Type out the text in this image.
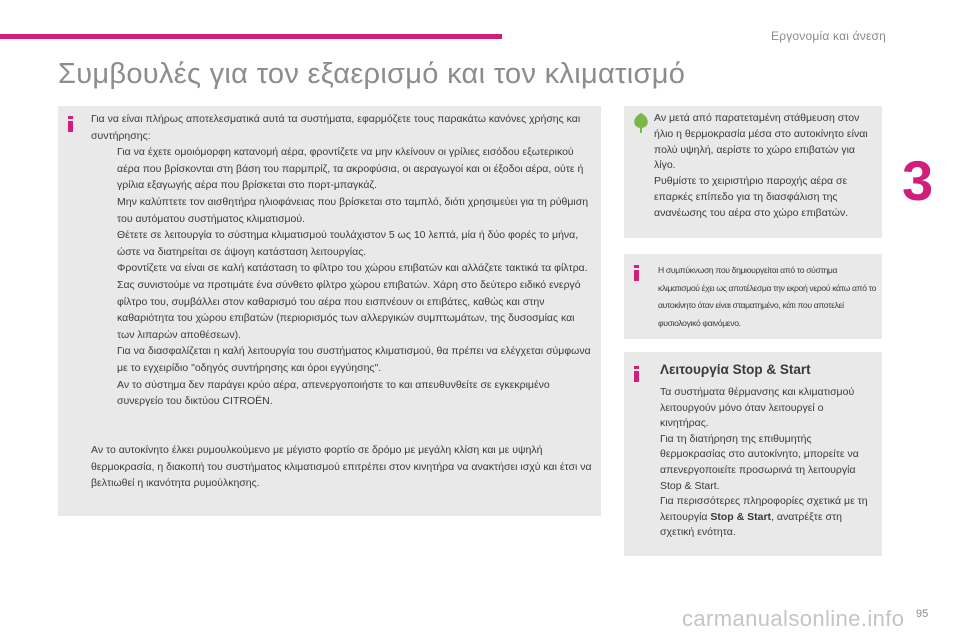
Εργονομία και άνεση
3
Συμβουλές για τον εξαερισμό και τον κλιματισμό
Για να είναι πλήρως αποτελεσματικά αυτά τα συστήματα, εφαρμόζετε τους παρακάτω κανόνες χρήσης και συντήρησης:
Για να έχετε ομοιόμορφη κατανομή αέρα, φροντίζετε να μην κλείνουν οι γρίλιες εισόδου εξωτερικού αέρα που βρίσκονται στη βάση του παρμπρίζ, τα ακροφύσια, οι αεραγωγοί και οι έξοδοι αέρα, ούτε ή γρίλια εξαγωγής αέρα που βρίσκεται στο πορτ-μπαγκάζ.
Μην καλύπτετε τον αισθητήρα ηλιοφάνειας που βρίσκεται στο ταμπλό, διότι χρησιμεύει για τη ρύθμιση του αυτόματου συστήματος κλιματισμού.
Θέτετε σε λειτουργία το σύστημα κλιματισμού τουλάχιστον 5 ως 10 λεπτά, μία ή δύο φορές το μήνα, ώστε να διατηρείται σε άψογη κατάσταση λειτουργίας.
Φροντίζετε να είναι σε καλή κατάσταση το φίλτρο του χώρου επιβατών και αλλάζετε τακτικά τα φίλτρα.
Σας συνιστούμε να προτιμάτε ένα σύνθετο φίλτρο χώρου επιβατών. Χάρη στο δεύτερο ειδικό ενεργό φίλτρο του, συμβάλλει στον καθαρισμό του αέρα που εισπνέουν οι επιβάτες, καθώς και στην καθαριότητα του χώρου επιβατών (περιορισμός των αλλεργικών συμπτωμάτων, της δυσοσμίας και των λιπαρών αποθέσεων).
Για να διασφαλίζεται η καλή λειτουργία του συστήματος κλιματισμού, θα πρέπει να ελέγχεται σύμφωνα με το εγχειρίδιο "οδηγός συντήρησης και όροι εγγύησης".
Αν το σύστημα δεν παράγει κρύο αέρα, απενεργοποιήστε το και απευθυνθείτε σε εγκεκριμένο συνεργείο του δικτύου CITROËN.
Αν το αυτοκίνητο έλκει ρυμουλκούμενο με μέγιστο φορτίο σε δρόμο με μεγάλη κλίση και με υψηλή θερμοκρασία, η διακοπή του συστήματος κλιματισμού επιτρέπει στον κινητήρα να ανακτήσει ισχύ και έτσι να βελτιωθεί η ικανότητα ρυμούλκησης.
Αν μετά από παρατεταμένη στάθμευση στον ήλιο η θερμοκρασία μέσα στο αυτοκίνητο είναι πολύ υψηλή, αερίστε το χώρο επιβατών για λίγο.
Ρυθμίστε το χειριστήριο παροχής αέρα σε επαρκές επίπεδο για τη διασφάλιση της ανανέωσης του αέρα στο χώρο επιβατών.
Η συμπύκνωση που δημιουργείται από το σύστημα κλιματισμού έχει ως αποτέλεσμα την εκροή νερού κάτω από το αυτοκίνητο όταν είναι σταματημένο, κάτι που αποτελεί φυσιολογικό φαινόμενο.
Λειτουργία Stop & Start
Τα συστήματα θέρμανσης και κλιματισμού λειτουργούν μόνο όταν λειτουργεί ο κινητήρας.
Για τη διατήρηση της επιθυμητής θερμοκρασίας στο αυτοκίνητο, μπορείτε να απενεργοποιείτε προσωρινά τη λειτουργία Stop & Start.
Για περισσότερες πληροφορίες σχετικά με τη λειτουργία Stop & Start, ανατρέξτε στη σχετική ενότητα.
carmanualsonline.info 95
